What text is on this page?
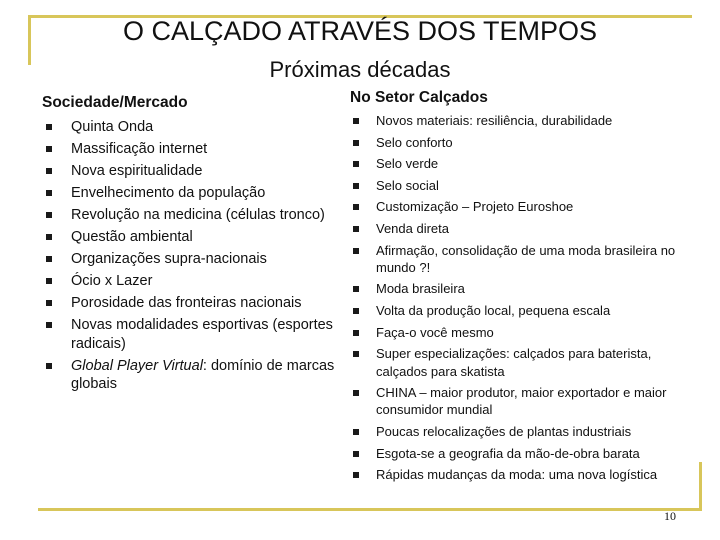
O CALÇADO ATRAVÉS DOS TEMPOS
Próximas décadas
Sociedade/Mercado	No Setor Calçados
Quinta Onda
Massificação internet
Nova espiritualidade
Envelhecimento da população
Revolução na medicina (células tronco)
Questão ambiental
Organizações supra-nacionais
Ócio x Lazer
Porosidade das fronteiras nacionais
Novas modalidades esportivas (esportes radicais)
Global Player Virtual: domínio de marcas globais
Novos materiais: resiliência, durabilidade
Selo conforto
Selo verde
Selo social
Customização – Projeto Euroshoe
Venda direta
Afirmação, consolidação de uma moda brasileira no mundo ?!
Moda brasileira
Volta da produção local, pequena escala
Faça-o você mesmo
Super especializações: calçados para baterista, calçados para skatista
CHINA – maior produtor, maior exportador e maior consumidor mundial
Poucas relocalizações de plantas industriais
Esgota-se a geografia da mão-de-obra barata
Rápidas mudanças da moda: uma nova logística
10
